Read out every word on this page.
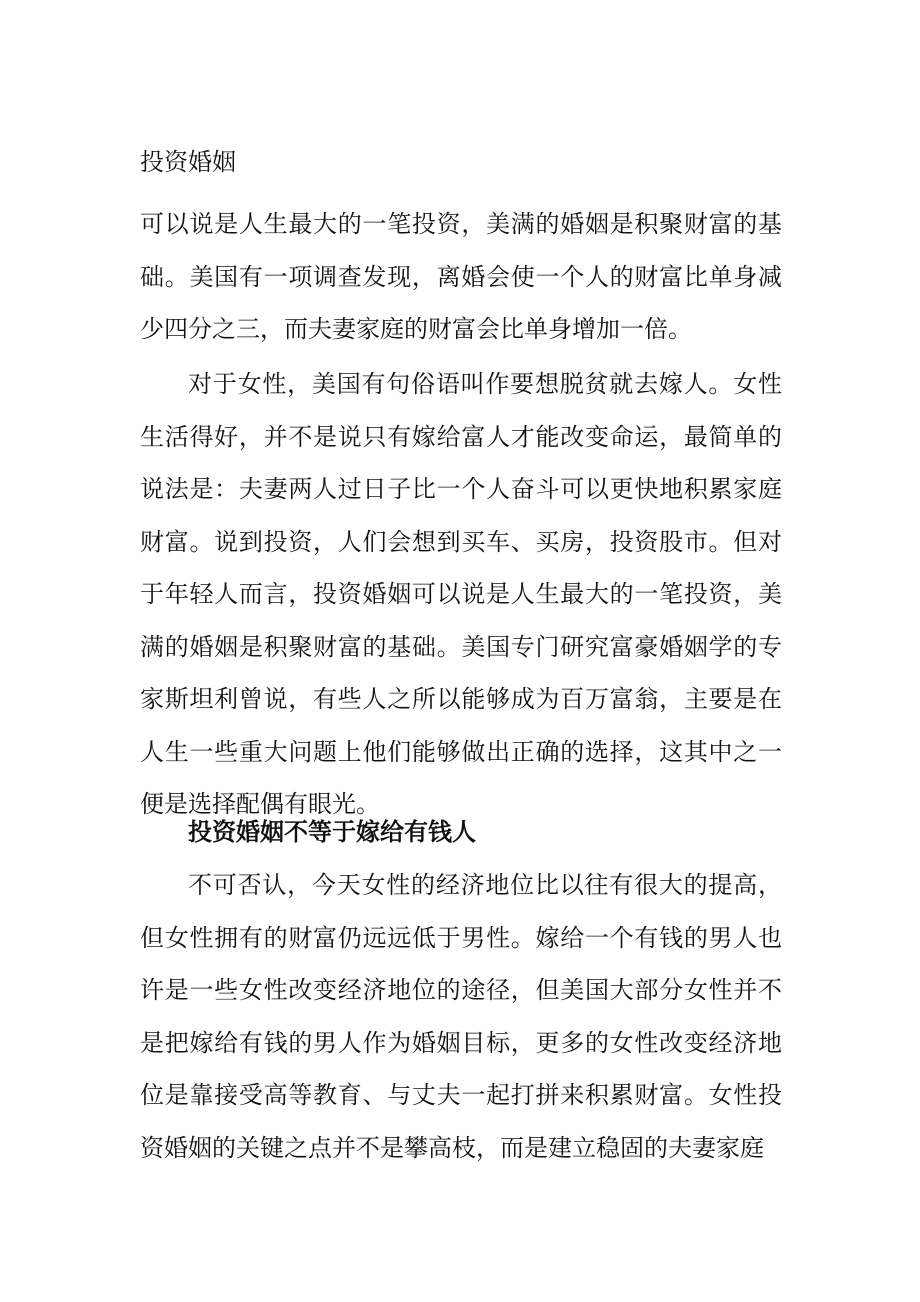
投资婚姻

可以说是人生最大的一笔投资，美满的婚姻是积聚财富的基础。美国有一项调查发现，离婚会使一个人的财富比单身减少四分之三，而夫妻家庭的财富会比单身增加一倍。

对于女性，美国有句俗语叫作要想脱贫就去嫁人。女性生活得好，并不是说只有嫁给富人才能改变命运，最简单的说法是：夫妻两人过日子比一个人奋斗可以更快地积累家庭财富。说到投资，人们会想到买车、买房，投资股市。但对于年轻人而言，投资婚姻可以说是人生最大的一笔投资，美满的婚姻是积聚财富的基础。美国专门研究富豪婚姻学的专家斯坦利曾说，有些人之所以能够成为百万富翁，主要是在人生一些重大问题上他们能够做出正确的选择，这其中之一便是选择配偶有眼光。

投资婚姻不等于嫁给有钱人

不可否认，今天女性的经济地位比以往有很大的提高，但女性拥有的财富仍远远低于男性。嫁给一个有钱的男人也许是一些女性改变经济地位的途径，但美国大部分女性并不是把嫁给有钱的男人作为婚姻目标，更多的女性改变经济地位是靠接受高等教育、与丈夫一起打拼来积累财富。女性投资婚姻的关键之点并不是攀高枝，而是建立稳固的夫妻家庭
